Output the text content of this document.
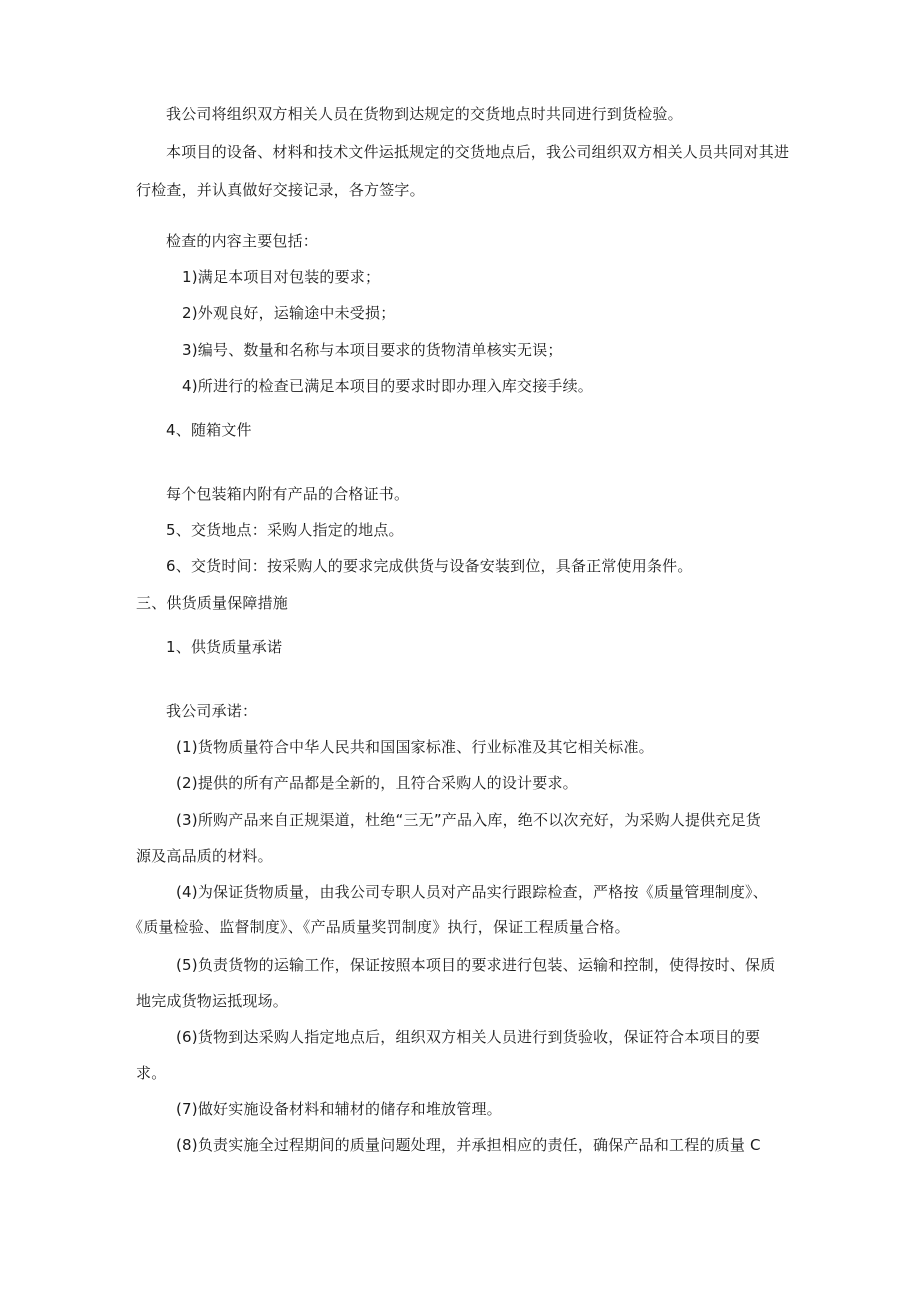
我公司将组织双方相关人员在货物到达规定的交货地点时共同进行到货检验。
本项目的设备、材料和技术文件运抵规定的交货地点后，我公司组织双方相关人员共同对其进
行检查，并认真做好交接记录，各方签字。
检查的内容主要包括：
1)满足本项目对包装的要求；
2)外观良好，运输途中未受损；
3)编号、数量和名称与本项目要求的货物清单核实无误；
4)所进行的检查已满足本项目的要求时即办理入库交接手续。
4、随箱文件
每个包装箱内附有产品的合格证书。
5、交货地点：采购人指定的地点。
6、交货时间：按采购人的要求完成供货与设备安装到位，具备正常使用条件。
三、供货质量保障措施
1、供货质量承诺
我公司承诺：
(1)货物质量符合中华人民共和国国家标准、行业标准及其它相关标准。
(2)提供的所有产品都是全新的，且符合采购人的设计要求。
(3)所购产品来自正规渠道，杜绝“三无”产品入库，绝不以次充好，为采购人提供充足货
源及高品质的材料。
(4)为保证货物质量，由我公司专职人员对产品实行跟踪检查，严格按《质量管理制度》、
《质量检验、监督制度》、《产品质量奖罚制度》执行，保证工程质量合格。
(5)负责货物的运输工作，保证按照本项目的要求进行包装、运输和控制，使得按时、保质
地完成货物运抵现场。
(6)货物到达采购人指定地点后，组织双方相关人员进行到货验收，保证符合本项目的要
求。
(7)做好实施设备材料和辅材的储存和堆放管理。
(8)负责实施全过程期间的质量问题处理，并承担相应的责任，确保产品和工程的质量 C
